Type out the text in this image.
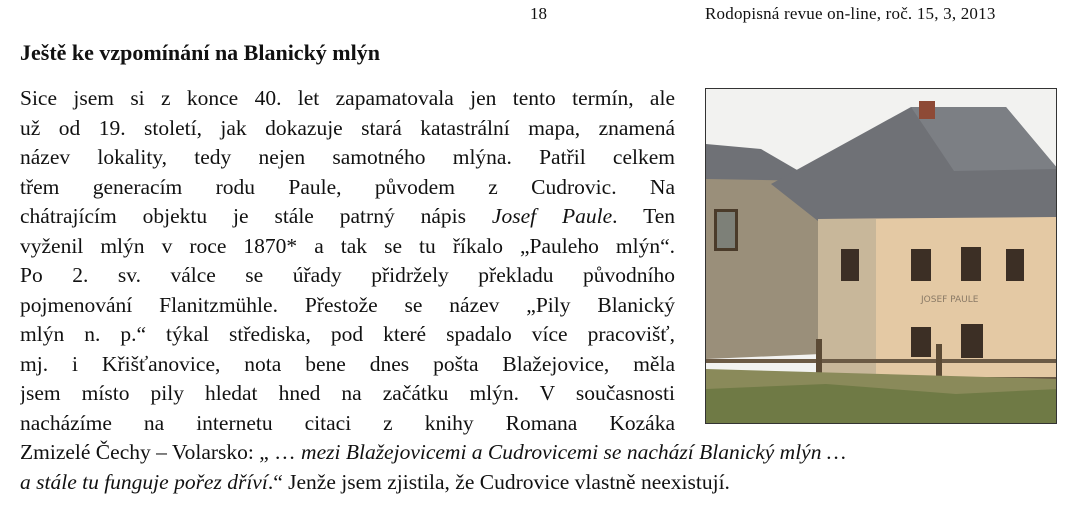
18	Rodopisná revue on-line, roč. 15, 3, 2013
Ještě ke vzpomínání na Blanický mlýn
JOSEF PAULE
Sice jsem si z konce 40. let zapamatovala jen tento termín, ale
už od 19. století, jak dokazuje stará katastrální mapa, znamená
název lokality, tedy nejen samotného mlýna. Patřil celkem
třem generacím rodu Paule, původem z Cudrovic. Na
chátrajícím objektu je stále patrný nápis Josef Paule. Ten
vyženil mlýn v roce 1870* a tak se tu říkalo „Pauleho mlýn“.
Po 2. sv. válce se úřady přidržely překladu původního
pojmenování Flanitzmühle. Přestože se název „Pily Blanický
mlýn n. p.“ týkal střediska, pod které spadalo více pracovišť,
mj. i Křišťanovice, nota bene dnes pošta Blažejovice, měla
jsem místo pily hledat hned na začátku mlýn. V současnosti
nacházíme na internetu citaci z knihy Romana Kozáka
Zmizelé Čechy – Volarsko: „ … mezi Blažejovicemi a Cudrovicemi se nachází Blanický mlýn …
a stále tu funguje pořez dříví.“ Jenže jsem zjistila, že Cudrovice vlastně neexistují.
